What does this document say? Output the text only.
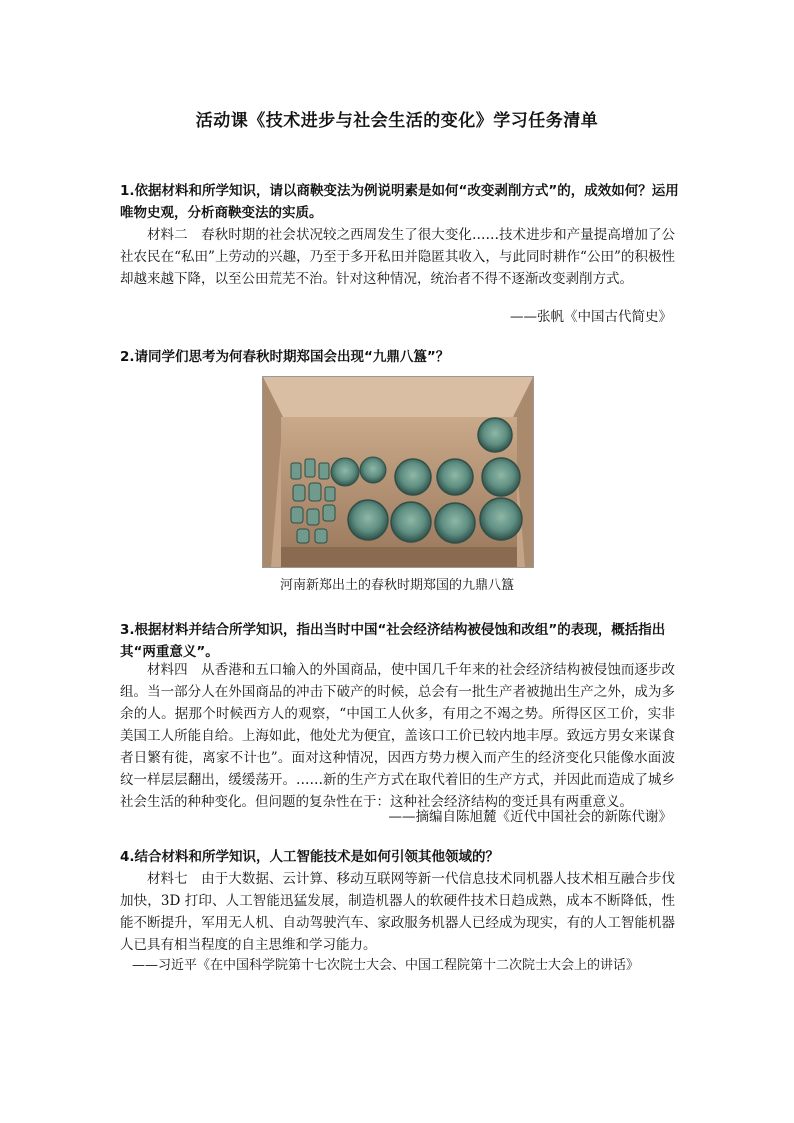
活动课《技术进步与社会生活的变化》学习任务清单
1.依据材料和所学知识，请以商鞅变法为例说明素是如何“改变剥削方式”的，成效如何？运用唯物史观，分析商鞅变法的实质。

材料二　春秋时期的社会状况较之西周发生了很大变化……技术进步和产量提高增加了公社农民在“私田”上劳动的兴趣，乃至于多开私田并隐匿其收入，与此同时耕作“公田”的积极性却越来越下降，以至公田荒芜不治。针对这种情况，统治者不得不逐渐改变剥削方式。

——张帆《中国古代简史》
2.请同学们思考为何春秋时期郑国会出现“九鼎八簋”？
河南新郑出土的春秋时期郑国的九鼎八簋
3.根据材料并结合所学知识，指出当时中国“社会经济结构被侵蚀和改组”的表现，概括指出其“两重意义”。

材料四　从香港和五口输入的外国商品，使中国几千年来的社会经济结构被侵蚀而逐步改组。当一部分人在外国商品的冲击下破产的时候，总会有一批生产者被抛出生产之外，成为多余的人。据那个时候西方人的观察，“中国工人伙多，有用之不竭之势。所得区区工价，实非美国工人所能自给。上海如此，他处尤为便宜，盖该口工价已较内地丰厚。致远方男女来谋食者日繁有徙，离家不计也”。面对这种情况，因西方势力楔入而产生的经济变化只能像水面波纹一样层层翻出，缓缓荡开。……新的生产方式在取代着旧的生产方式，并因此而造成了城乡社会生活的种种变化。但问题的复杂性在于：这种社会经济结构的变迁具有两重意义。

——摘编自陈旭麓《近代中国社会的新陈代谢》
4.结合材料和所学知识，人工智能技术是如何引领其他领域的？

材料七　由于大数据、云计算、移动互联网等新一代信息技术同机器人技术相互融合步伐加快，3D 打印、人工智能迅猛发展，制造机器人的软硬件技术日趋成熟，成本不断降低，性能不断提升，军用无人机、自动驾驶汽车、家政服务机器人已经成为现实，有的人工智能机器人已具有相当程度的自主思维和学习能力。

——习近平《在中国科学院第十七次院士大会、中国工程院第十二次院士大会上的讲话》
